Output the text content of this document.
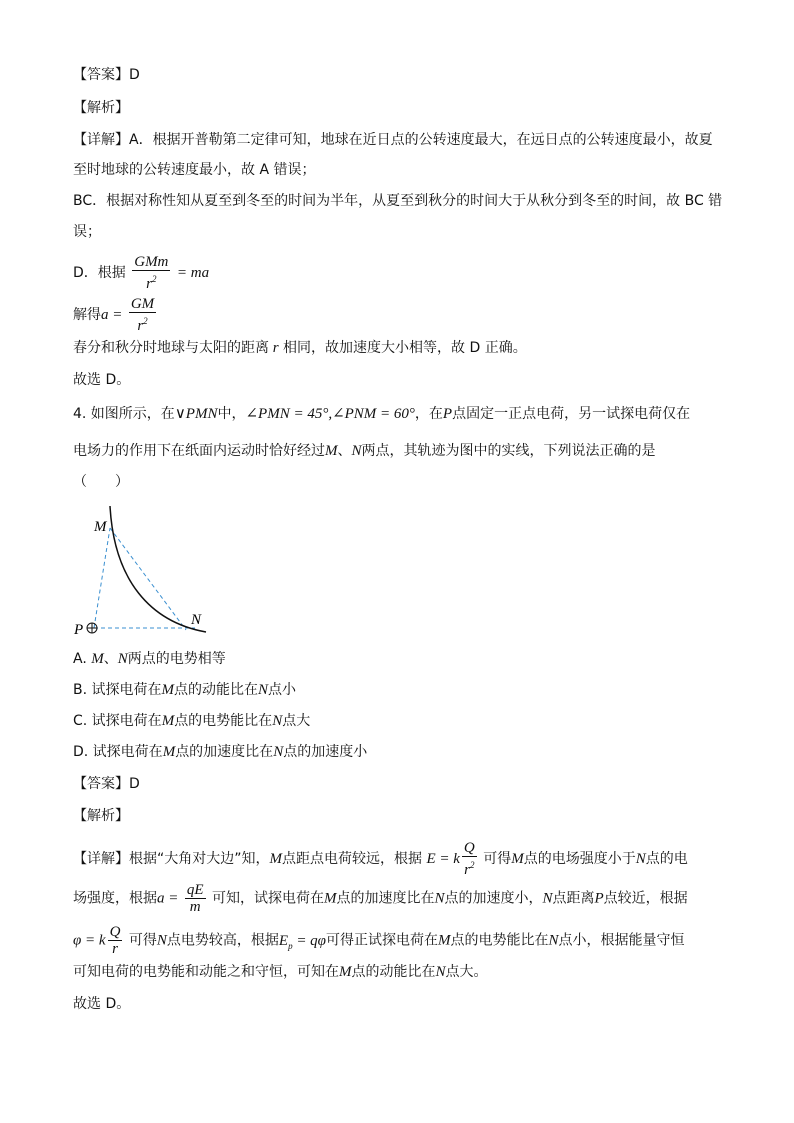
【答案】D
【解析】
【详解】A．根据开普勒第二定律可知，地球在近日点的公转速度最大，在远日点的公转速度最小，故夏
至时地球的公转速度最小，故 A 错误；
BC．根据对称性知从夏至到冬至的时间为半年，从夏至到秋分的时间大于从秋分到冬至的时间，故 BC 错
误；
D．根据 $\frac{\text{GMm}}{r^2}$ = ma
解得$a = \frac{GM}{r^2}$
春分和秋分时地球与太阳的距离 r 相同，故加速度大小相等，故 D 正确。
故选 D。
4. 如图所示，在∨PMN中，∠PMN = 45°,∠PNM = 60°，在P点固定一正点电荷，另一试探电荷仅在
电场力的作用下在纸面内运动时恰好经过M、N两点，其轨迹为图中的实线，下列说法正确的是
（　　）
M
N
P
A. M、N两点的电势相等
B. 试探电荷在M点的动能比在N点小
C. 试探电荷在M点的电势能比在N点大
D. 试探电荷在M点的加速度比在N点的加速度小
【答案】D
【解析】
【详解】根据“大角对大边”知，M点距点电荷较远，根据 E = k $\frac{Q}{r^2}$ 可得M点的电场强度小于N点的电
场强度，根据$a = \frac{qE}{m}$ 可知，试探电荷在M点的加速度比在N点的加速度小，N点距离P点较近，根据
φ = k $\frac{Q}{r}$ 可得N点电势较高，根据$E_p = q\varphi$可得正试探电荷在M点的电势能比在N点小，根据能量守恒
可知电荷的电势能和动能之和守恒，可知在M点的动能比在N点大。
故选 D。
